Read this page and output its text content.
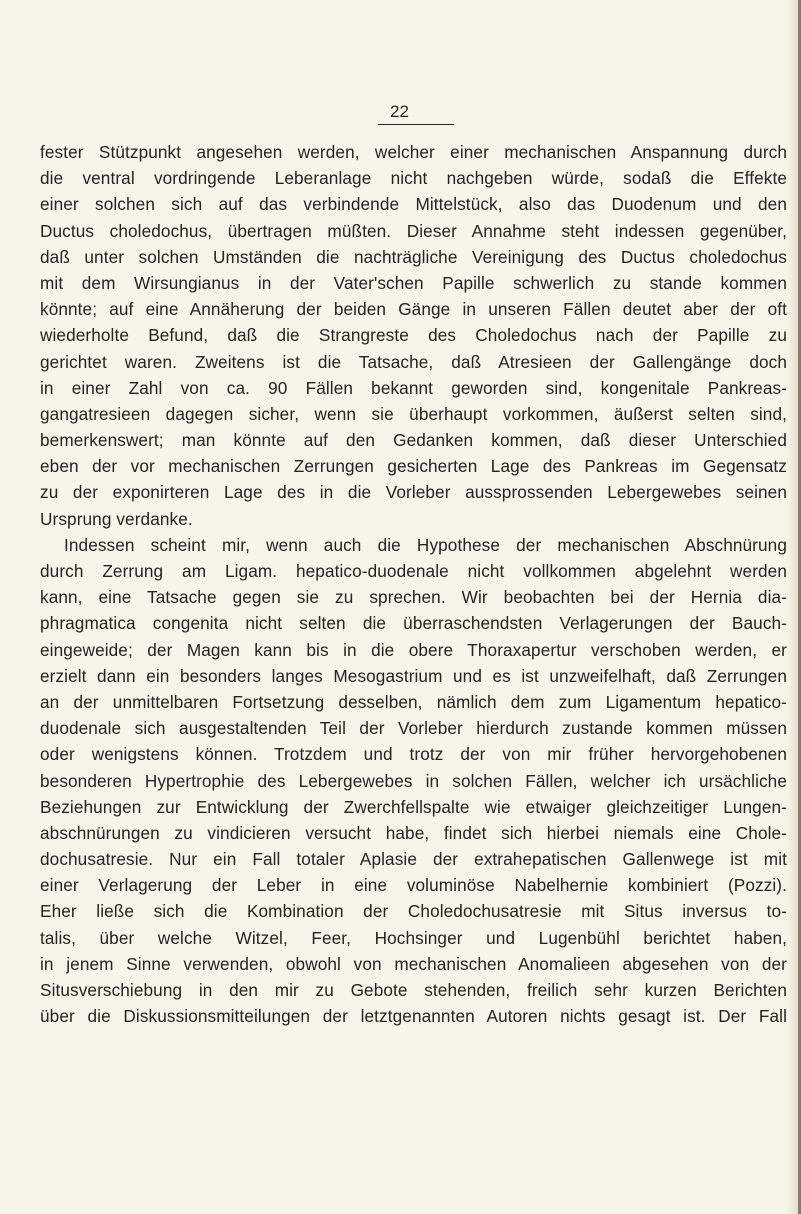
22
fester Stützpunkt angesehen werden, welcher einer mechanischen Anspannung durch
die ventral vordringende Leberanlage nicht nachgeben würde, sodaß die Effekte
einer solchen sich auf das verbindende Mittelstück, also das Duodenum und den
Ductus choledochus, übertragen müßten. Dieser Annahme steht indessen gegenüber,
daß unter solchen Umständen die nachträgliche Vereinigung des Ductus choledochus
mit dem Wirsungianus in der Vater'schen Papille schwerlich zu stande kommen
könnte; auf eine Annäherung der beiden Gänge in unseren Fällen deutet aber der oft
wiederholte Befund, daß die Strangreste des Choledochus nach der Papille zu
gerichtet waren. Zweitens ist die Tatsache, daß Atresieen der Gallengänge doch
in einer Zahl von ca. 90 Fällen bekannt geworden sind, kongenitale Pankreas-
gangatresieen dagegen sicher, wenn sie überhaupt vorkommen, äußerst selten sind,
bemerkenswert; man könnte auf den Gedanken kommen, daß dieser Unterschied
eben der vor mechanischen Zerrungen gesicherten Lage des Pankreas im Gegensatz
zu der exponirteren Lage des in die Vorleber aussprossenden Lebergewebes seinen
Ursprung verdanke.
Indessen scheint mir, wenn auch die Hypothese der mechanischen Abschnürung
durch Zerrung am Ligam. hepatico-duodenale nicht vollkommen abgelehnt werden
kann, eine Tatsache gegen sie zu sprechen. Wir beobachten bei der Hernia dia-
phragmatica congenita nicht selten die überraschendsten Verlagerungen der Bauch-
eingeweide; der Magen kann bis in die obere Thoraxapertur verschoben werden, er
erzielt dann ein besonders langes Mesogastrium und es ist unzweifelhaft, daß Zerrungen
an der unmittelbaren Fortsetzung desselben, nämlich dem zum Ligamentum hepatico-
duodenale sich ausgestaltenden Teil der Vorleber hierdurch zustande kommen müssen
oder wenigstens können. Trotzdem und trotz der von mir früher hervorgehobenen
besonderen Hypertrophie des Lebergewebes in solchen Fällen, welcher ich ursächliche
Beziehungen zur Entwicklung der Zwerchfellspalte wie etwaiger gleichzeitiger Lungen-
abschnürungen zu vindicieren versucht habe, findet sich hierbei niemals eine Chole-
dochusatresie. Nur ein Fall totaler Aplasie der extrahepatischen Gallenwege ist mit
einer Verlagerung der Leber in eine voluminöse Nabelhernie kombiniert (Pozzi).
Eher ließe sich die Kombination der Choledochusatresie mit Situs inversus to-
talis, über welche Witzel, Feer, Hochsinger und Lugenbühl berichtet haben,
in jenem Sinne verwenden, obwohl von mechanischen Anomalieen abgesehen von der
Situsverschiebung in den mir zu Gebote stehenden, freilich sehr kurzen Berichten
über die Diskussionsmitteilungen der letztgenannten Autoren nichts gesagt ist. Der Fall
